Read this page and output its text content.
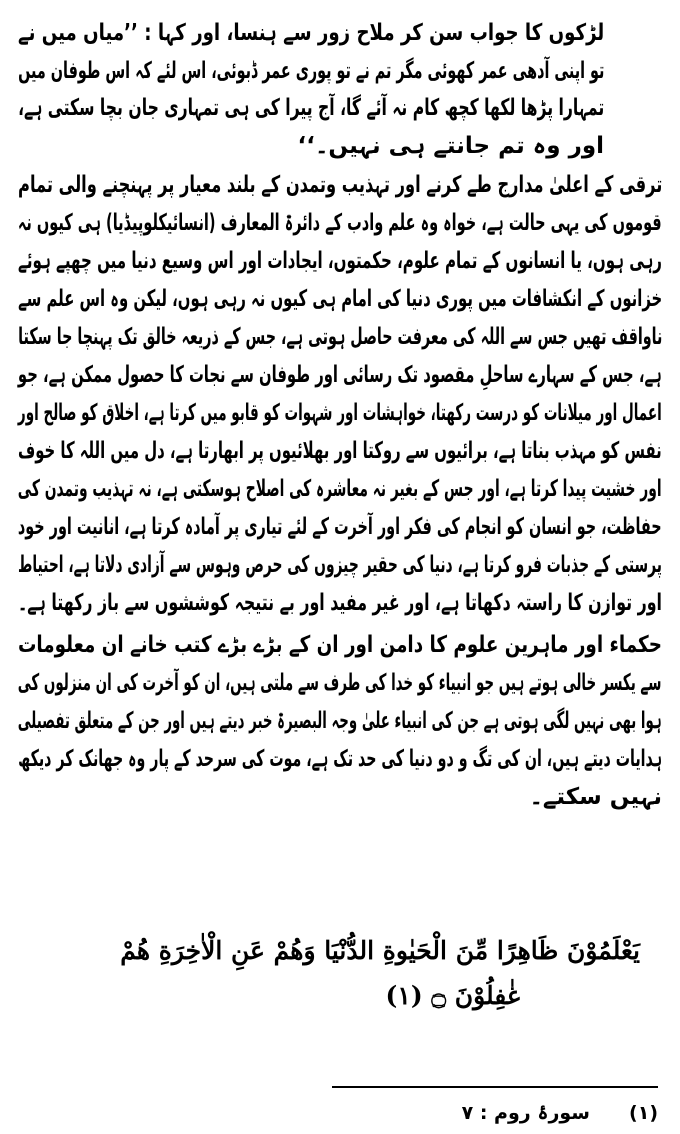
لڑکوں کا جواب سن کر ملاح زور سے ہنسا، اور کہا : ’’میاں میں نے
تو اپنی آدھی عمر کھوئی مگر تم نے تو پوری عمر ڈبوئی، اس لئے کہ اس طوفان میں
تمہارا پڑھا لکھا کچھ کام نہ آئے گا، آج پیرا کی ہی تمہاری جان بچا سکتی ہے،
اور وہ تم جانتے ہی نہیں۔‘‘
ترقی کے اعلیٰ مدارج طے کرنے اور تہذیب وتمدن کے بلند معیار پر پہنچنے والی تمام
قوموں کی یہی حالت ہے، خواہ وہ علم وادب کے دائرۃ المعارف (انسائیکلوپیڈیا) ہی کیوں نہ
رہی ہوں، یا انسانوں کے تمام علوم، حکمتوں، ایجادات اور اس وسیع دنیا میں چھپے ہوئے
خزانوں کے انکشافات میں پوری دنیا کی امام ہی کیوں نہ رہی ہوں، لیکن وہ اس علم سے
ناواقف تھیں جس سے اللہ کی معرفت حاصل ہوتی ہے، جس کے ذریعہ خالق تک پہنچا جا سکتا
ہے، جس کے سہارے ساحلِ مقصود تک رسائی اور طوفان سے نجات کا حصول ممکن ہے، جو
اعمال اور میلانات کو درست رکھتا، خواہشات اور شہوات کو قابو میں کرتا ہے، اخلاق کو صالح اور
نفس کو مہذب بناتا ہے، برائیوں سے روکتا اور بھلائیوں پر ابھارتا ہے، دل میں اللہ کا خوف
اور خشیت پیدا کرتا ہے، اور جس کے بغیر نہ معاشرہ کی اصلاح ہوسکتی ہے، نہ تہذیب وتمدن کی
حفاظت، جو انسان کو انجام کی فکر اور آخرت کے لئے تیاری پر آمادہ کرتا ہے، انانیت اور خود
پرستی کے جذبات فرو کرتا ہے، دنیا کی حقیر چیزوں کی حرص وہوس سے آزادی دلاتا ہے، احتیاط
اور توازن کا راستہ دکھاتا ہے، اور غیر مفید اور بے نتیجہ کوششوں سے باز رکھتا ہے۔
حکماء اور ماہرین علوم کا دامن اور ان کے بڑے بڑے کتب خانے ان معلومات
سے یکسر خالی ہوتے ہیں جو انبیاء کو خدا کی طرف سے ملتی ہیں، ان کو آخرت کی ان منزلوں کی
ہوا بھی نہیں لگی ہوتی ہے جن کی انبیاء علیٰ وجہ البصیرۃ خبر دیتے ہیں اور جن کے متعلق تفصیلی
ہدایات دیتے ہیں، ان کی تگ و دو دنیا کی حد تک ہے، موت کی سرحد کے پار وہ جھانک کر دیکھ
نہیں سکتے۔
يَعْلَمُوْنَ ظَاهِرًا مِّنَ الْحَيٰوةِ الدُّنْيَا وَهُمْ عَنِ الْاٰخِرَةِ هُمْ
غٰفِلُوْنَ ۝ (۱)
(۱)
سورۂ روم : ۷
